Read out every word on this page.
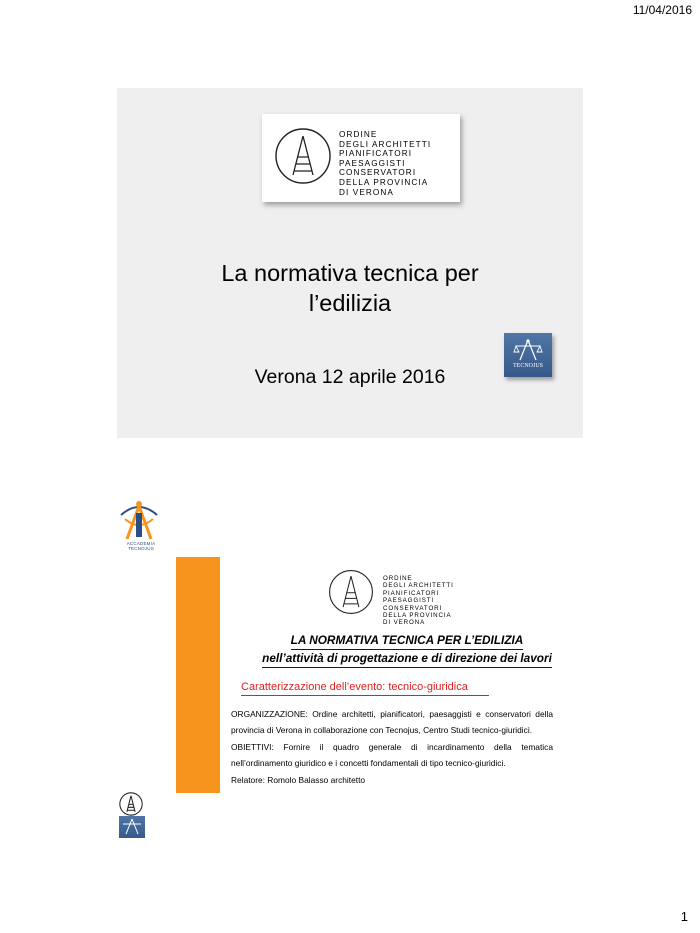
11/04/2016
ORDINE
DEGLI ARCHITETTI
PIANIFICATORI
PAESAGGISTI
CONSERVATORI
DELLA PROVINCIA
DI VERONA
La normativa tecnica per
l’edilizia
TECNOJUS
Verona 12 aprile 2016
ACCADEMIA TECNOJUS
ORDINE
DEGLI ARCHITETTI
PIANIFICATORI
PAESAGGISTI
CONSERVATORI
DELLA PROVINCIA
DI VERONA
LA NORMATIVA TECNICA PER L’EDILIZIA
nell’attività di progettazione e di direzione dei lavori
Caratterizzazione dell’evento: tecnico-giuridica

ORGANIZZAZIONE: Ordine architetti, pianificatori, paesaggisti e conservatori della provincia di Verona in collaborazione con Tecnojus, Centro Studi tecnico-giuridici.

OBIETTIVI: Fornire il quadro generale di incardinamento della tematica nell’ordinamento giuridico e i concetti fondamentali di tipo tecnico-giuridici.

Relatore: Romolo Balasso architetto

1
